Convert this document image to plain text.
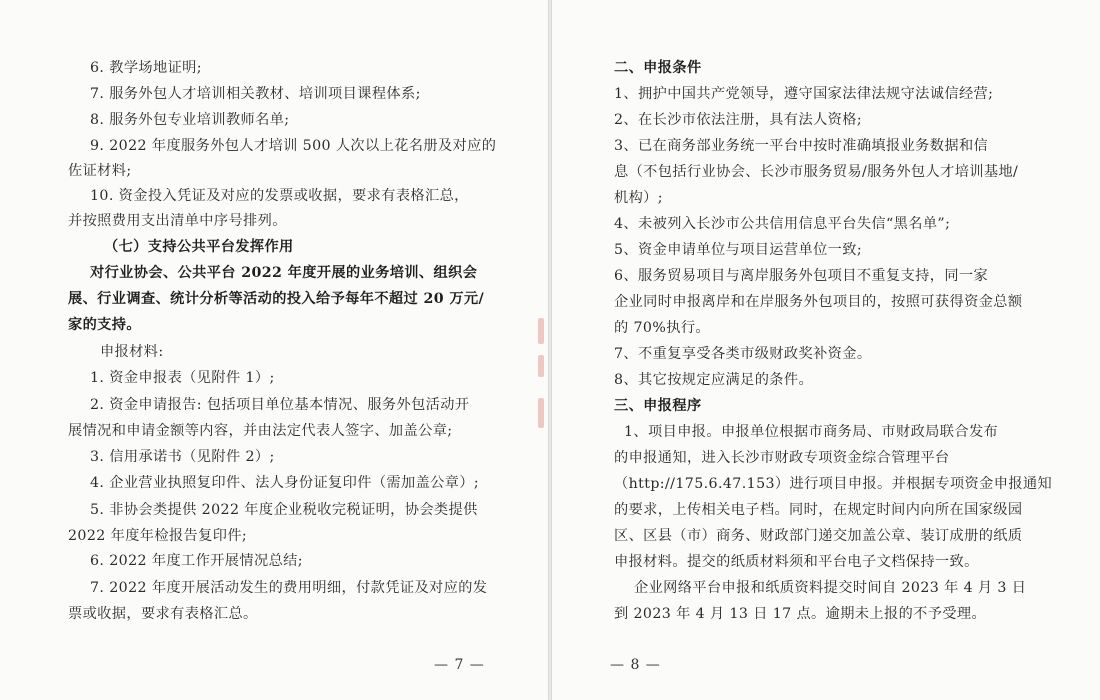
6. 教学场地证明;
7. 服务外包人才培训相关教材、培训项目课程体系;
8. 服务外包专业培训教师名单;
9. 2022 年度服务外包人才培训 500 人次以上花名册及对应的
佐证材料;
10. 资金投入凭证及对应的发票或收据，要求有表格汇总，
并按照费用支出清单中序号排列。
（七）支持公共平台发挥作用
对行业协会、公共平台 2022 年度开展的业务培训、组织会
展、行业调查、统计分析等活动的投入给予每年不超过 20 万元/
家的支持。
申报材料:
1. 资金申报表（见附件 1）;
2. 资金申请报告: 包括项目单位基本情况、服务外包活动开
展情况和申请金额等内容，并由法定代表人签字、加盖公章;
3. 信用承诺书（见附件 2）;
4. 企业营业执照复印件、法人身份证复印件（需加盖公章）;
5. 非协会类提供 2022 年度企业税收完税证明，协会类提供
2022 年度年检报告复印件;
6. 2022 年度工作开展情况总结;
7. 2022 年度开展活动发生的费用明细，付款凭证及对应的发
票或收据，要求有表格汇总。
二、申报条件
1、拥护中国共产党领导，遵守国家法律法规守法诚信经营;
2、在长沙市依法注册，具有法人资格;
3、已在商务部业务统一平台中按时准确填报业务数据和信
息（不包括行业协会、长沙市服务贸易/服务外包人才培训基地/
机构）;
4、未被列入长沙市公共信用信息平台失信“黑名单”;
5、资金申请单位与项目运营单位一致;
6、服务贸易项目与离岸服务外包项目不重复支持，同一家
企业同时申报离岸和在岸服务外包项目的，按照可获得资金总额
的 70%执行。
7、不重复享受各类市级财政奖补资金。
8、其它按规定应满足的条件。
三、申报程序
1、项目申报。申报单位根据市商务局、市财政局联合发布
的申报通知，进入长沙市财政专项资金综合管理平台
（http://175.6.47.153）进行项目申报。并根据专项资金申报通知
的要求，上传相关电子档。同时，在规定时间内向所在国家级园
区、区县（市）商务、财政部门递交加盖公章、装订成册的纸质
申报材料。提交的纸质材料须和平台电子文档保持一致。
企业网络平台申报和纸质资料提交时间自 2023 年 4 月 3 日
到 2023 年 4 月 13 日 17 点。逾期未上报的不予受理。
— 7 —	— 8 —
